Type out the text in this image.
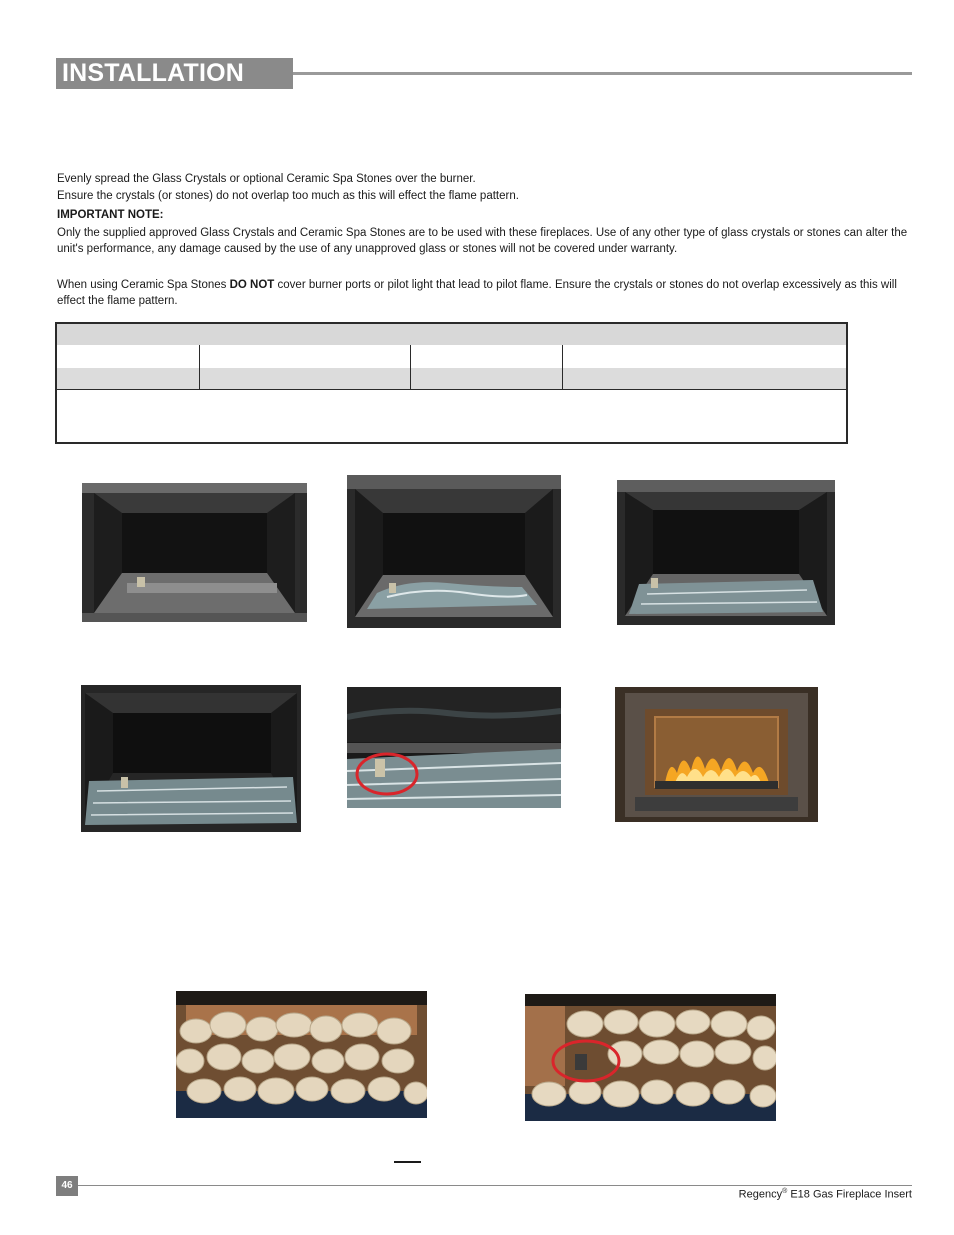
INSTALLATION
Evenly spread the Glass Crystals or optional Ceramic Spa Stones over the burner.
Ensure the crystals (or stones) do not overlap too much as this will effect the flame pattern.
IMPORTANT NOTE:
Only the supplied approved Glass Crystals and Ceramic Spa Stones are to be used with these fireplaces. Use of any other type of glass crystals or stones can alter the unit's performance, any damage caused by the use of any unapproved glass or stones will not be covered under warranty.
When using Ceramic Spa Stones DO NOT cover burner ports or pilot light that lead to pilot flame. Ensure the crystals or stones do not overlap excessively as this will effect the flame pattern.
46
Regency® E18 Gas Fireplace Insert
